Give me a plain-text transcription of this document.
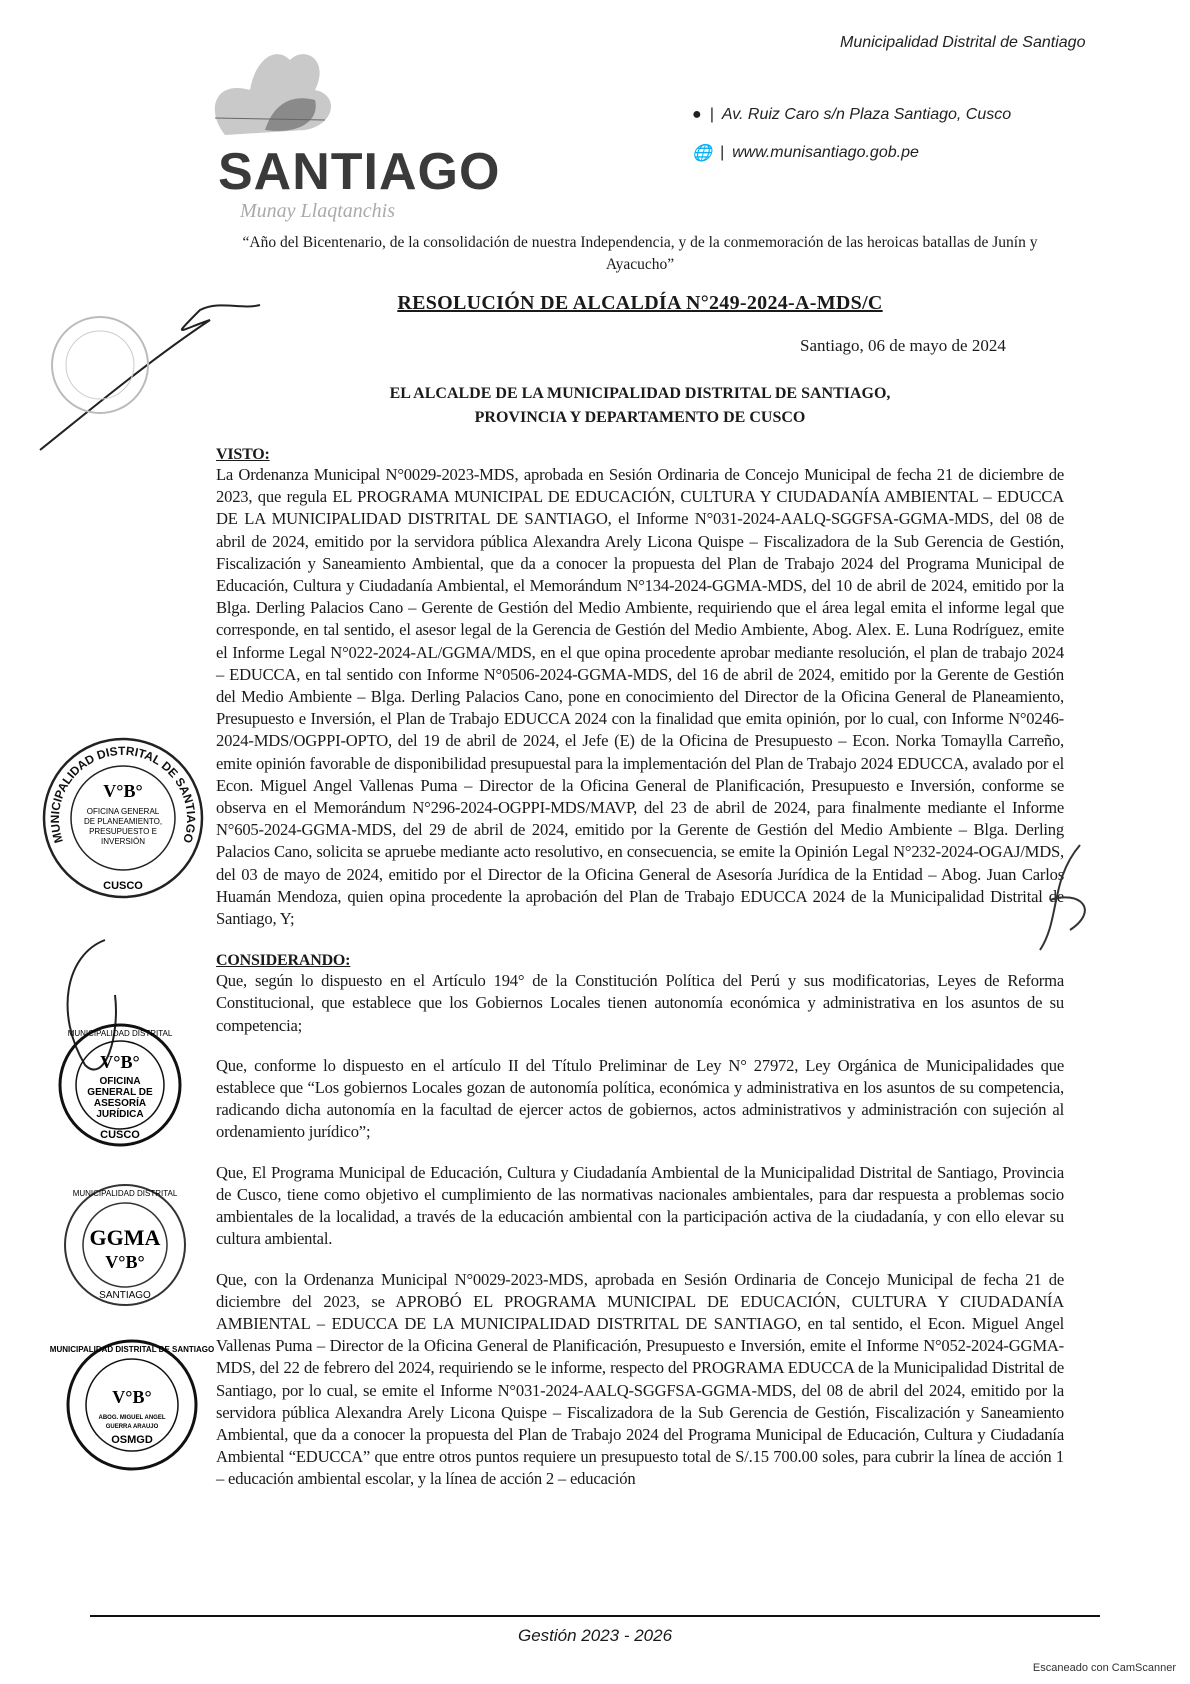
Municipalidad Distrital de Santiago
SANTIAGO
Munay Llaqtanchis
● | Av. Ruiz Caro s/n Plaza Santiago, Cusco
🌐 | www.munisantiago.gob.pe
“Año del Bicentenario, de la consolidación de nuestra Independencia, y de la conmemoración de las heroicas batallas de Junín y Ayacucho”
RESOLUCIÓN DE ALCALDÍA N°249-2024-A-MDS/C
Santiago, 06 de mayo de 2024
EL ALCALDE DE LA MUNICIPALIDAD DISTRITAL DE SANTIAGO, PROVINCIA Y DEPARTAMENTO DE CUSCO
VISTO:

La Ordenanza Municipal N°0029-2023-MDS, aprobada en Sesión Ordinaria de Concejo Municipal de fecha 21 de diciembre de 2023, que regula EL PROGRAMA MUNICIPAL DE EDUCACIÓN, CULTURA Y CIUDADANÍA AMBIENTAL – EDUCCA DE LA MUNICIPALIDAD DISTRITAL DE SANTIAGO, el Informe N°031-2024-AALQ-SGGFSA-GGMA-MDS, del 08 de abril de 2024, emitido por la servidora pública Alexandra Arely Licona Quispe – Fiscalizadora de la Sub Gerencia de Gestión, Fiscalización y Saneamiento Ambiental, que da a conocer la propuesta del Plan de Trabajo 2024 del Programa Municipal de Educación, Cultura y Ciudadanía Ambiental, el Memorándum N°134-2024-GGMA-MDS, del 10 de abril de 2024, emitido por la Blga. Derling Palacios Cano – Gerente de Gestión del Medio Ambiente, requiriendo que el área legal emita el informe legal que corresponde, en tal sentido, el asesor legal de la Gerencia de Gestión del Medio Ambiente, Abog. Alex. E. Luna Rodríguez, emite el Informe Legal N°022-2024-AL/GGMA/MDS, en el que opina procedente aprobar mediante resolución, el plan de trabajo 2024 – EDUCCA, en tal sentido con Informe N°0506-2024-GGMA-MDS, del 16 de abril de 2024, emitido por la Gerente de Gestión del Medio Ambiente – Blga. Derling Palacios Cano, pone en conocimiento del Director de la Oficina General de Planeamiento, Presupuesto e Inversión, el Plan de Trabajo EDUCCA 2024 con la finalidad que emita opinión, por lo cual, con Informe N°0246-2024-MDS/OGPPI-OPTO, del 19 de abril de 2024, el Jefe (E) de la Oficina de Presupuesto – Econ. Norka Tomaylla Carreño, emite opinión favorable de disponibilidad presupuestal para la implementación del Plan de Trabajo 2024 EDUCCA, avalado por el Econ. Miguel Angel Vallenas Puma – Director de la Oficina General de Planificación, Presupuesto e Inversión, conforme se observa en el Memorándum N°296-2024-OGPPI-MDS/MAVP, del 23 de abril de 2024, para finalmente mediante el Informe N°605-2024-GGMA-MDS, del 29 de abril de 2024, emitido por la Gerente de Gestión del Medio Ambiente – Blga. Derling Palacios Cano, solicita se apruebe mediante acto resolutivo, en consecuencia, se emite la Opinión Legal N°232-2024-OGAJ/MDS, del 03 de mayo de 2024, emitido por el Director de la Oficina General de Asesoría Jurídica de la Entidad – Abog. Juan Carlos Huamán Mendoza, quien opina procedente la aprobación del Plan de Trabajo EDUCCA 2024 de la Municipalidad Distrital de Santiago, Y;

CONSIDERANDO:

Que, según lo dispuesto en el Artículo 194° de la Constitución Política del Perú y sus modificatorias, Leyes de Reforma Constitucional, que establece que los Gobiernos Locales tienen autonomía económica y administrativa en los asuntos de su competencia;

Que, conforme lo dispuesto en el artículo II del Título Preliminar de Ley N° 27972, Ley Orgánica de Municipalidades que establece que “Los gobiernos Locales gozan de autonomía política, económica y administrativa en los asuntos de su competencia, radicando dicha autonomía en la facultad de ejercer actos de gobiernos, actos administrativos y administración con sujeción al ordenamiento jurídico”;

Que, El Programa Municipal de Educación, Cultura y Ciudadanía Ambiental de la Municipalidad Distrital de Santiago, Provincia de Cusco, tiene como objetivo el cumplimiento de las normativas nacionales ambientales, para dar respuesta a problemas socio ambientales de la localidad, a través de la educación ambiental con la participación activa de la ciudadanía, y con ello elevar su cultura ambiental.

Que, con la Ordenanza Municipal N°0029-2023-MDS, aprobada en Sesión Ordinaria de Concejo Municipal de fecha 21 de diciembre del 2023, se APROBÓ EL PROGRAMA MUNICIPAL DE EDUCACIÓN, CULTURA Y CIUDADANÍA AMBIENTAL – EDUCCA DE LA MUNICIPALIDAD DISTRITAL DE SANTIAGO, en tal sentido, el Econ. Miguel Angel Vallenas Puma – Director de la Oficina General de Planificación, Presupuesto e Inversión, emite el Informe N°052-2024-GGMA-MDS, del 22 de febrero del 2024, requiriendo se le informe, respecto del PROGRAMA EDUCCA de la Municipalidad Distrital de Santiago, por lo cual, se emite el Informe N°031-2024-AALQ-SGGFSA-GGMA-MDS, del 08 de abril del 2024, emitido por la servidora pública Alexandra Arely Licona Quispe – Fiscalizadora de la Sub Gerencia de Gestión, Fiscalización y Saneamiento Ambiental, que da a conocer la propuesta del Plan de Trabajo 2024 del Programa Municipal de Educación, Cultura y Ciudadanía Ambiental “EDUCCA” que entre otros puntos requiere un presupuesto total de S/.15 700.00 soles, para cubrir la línea de acción 1 – educación ambiental escolar, y la línea de acción 2 – educación

MUNICIPALIDAD DISTRITAL DE SANTIAGO
V°B°
OFICINA GENERAL
DE PLANEAMIENTO,
PRESUPUESTO E
INVERSIÓN
CUSCO
V°B°
OFICINA
GENERAL DE
ASESORÍA
JURÍDICA
CUSCO
MUNICIPALIDAD DISTRITAL
GGMA
V°B°
SANTIAGO
MUNICIPALIDAD DISTRITAL
V°B°
ABOG. MIGUEL ANGEL
GUERRA ARAUJO
OSMGD
MUNICIPALIDAD DISTRITAL DE SANTIAGO
Gestión 2023 - 2026
Escaneado con CamScanner
